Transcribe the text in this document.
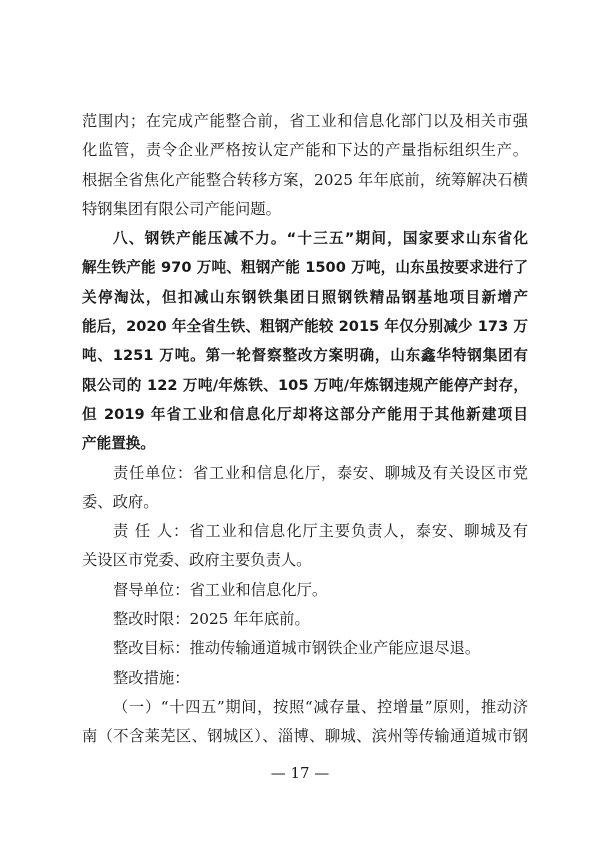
范围内；在完成产能整合前，省工业和信息化部门以及相关市强
化监管，责令企业严格按认定产能和下达的产量指标组织生产。
根据全省焦化产能整合转移方案，2025 年年底前，统筹解决石横
特钢集团有限公司产能问题。
八、钢铁产能压减不力。“十三五”期间，国家要求山东省化
解生铁产能 970 万吨、粗钢产能 1500 万吨，山东虽按要求进行了
关停淘汰，但扣减山东钢铁集团日照钢铁精品钢基地项目新增产
能后，2020 年全省生铁、粗钢产能较 2015 年仅分别减少 173 万
吨、1251 万吨。第一轮督察整改方案明确，山东鑫华特钢集团有
限公司的 122 万吨/年炼铁、105 万吨/年炼钢违规产能停产封存，
但 2019 年省工业和信息化厅却将这部分产能用于其他新建项目
产能置换。
责任单位：省工业和信息化厅，泰安、聊城及有关设区市党
委、政府。
责 任 人：省工业和信息化厅主要负责人，泰安、聊城及有
关设区市党委、政府主要负责人。
督导单位：省工业和信息化厅。
整改时限：2025 年年底前。
整改目标：推动传输通道城市钢铁企业产能应退尽退。
整改措施：
（一）“十四五”期间，按照“减存量、控增量”原则，推动济
南（不含莱芜区、钢城区）、淄博、聊城、滨州等传输通道城市钢
— 17 —
